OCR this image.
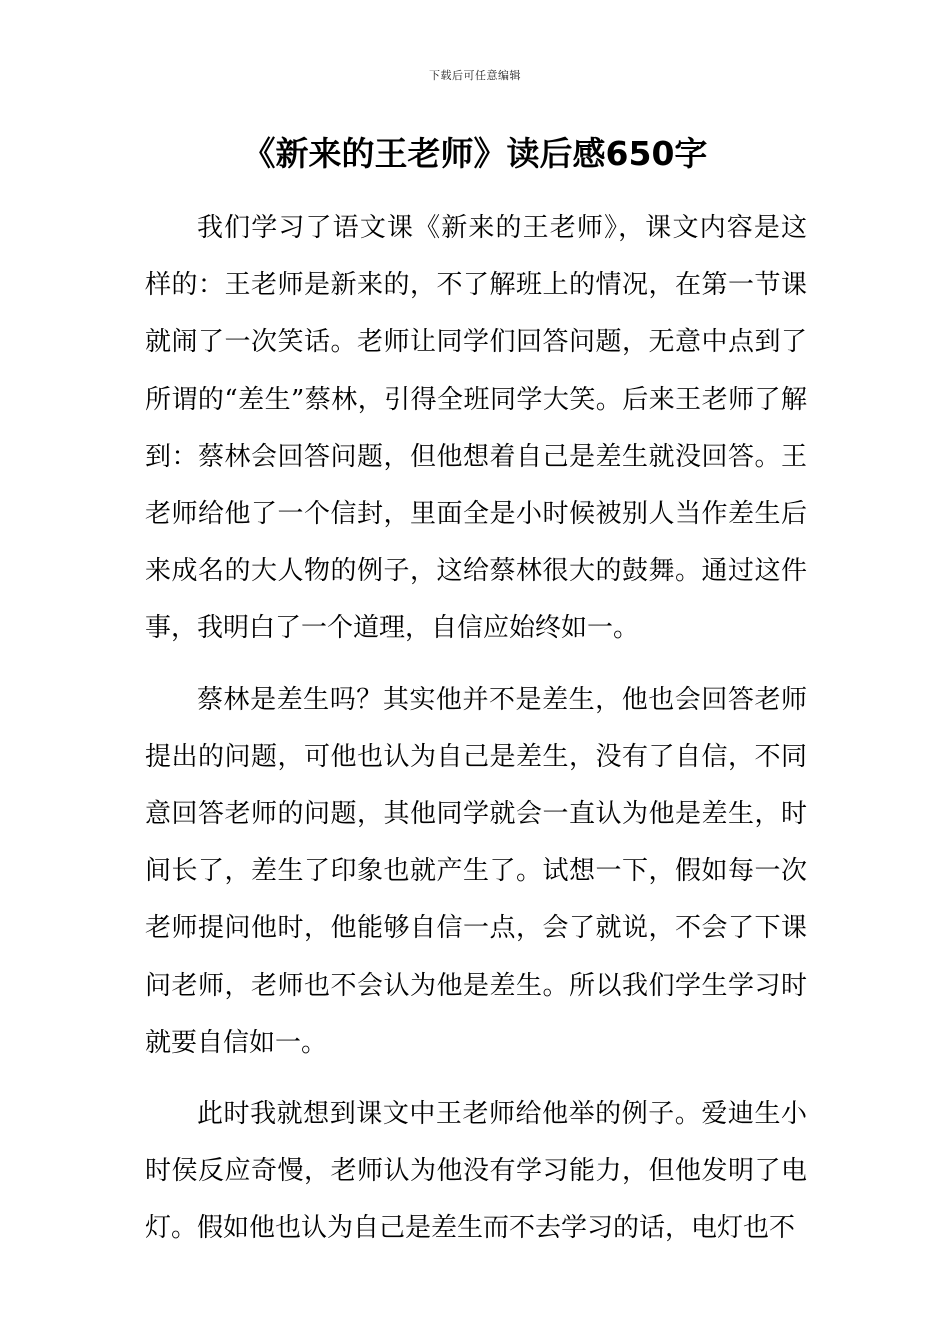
下载后可任意编辑
《新来的王老师》读后感650字

我们学习了语文课《新来的王老师》，课文内容是这样的：王老师是新来的，不了解班上的情况，在第一节课就闹了一次笑话。老师让同学们回答问题，无意中点到了所谓的“差生”蔡林，引得全班同学大笑。后来王老师了解到：蔡林会回答问题，但他想着自己是差生就没回答。王老师给他了一个信封，里面全是小时候被别人当作差生后来成名的大人物的例子，这给蔡林很大的鼓舞。通过这件事，我明白了一个道理，自信应始终如一。

蔡林是差生吗？其实他并不是差生，他也会回答老师提出的问题，可他也认为自己是差生，没有了自信，不同意回答老师的问题，其他同学就会一直认为他是差生，时间长了，差生了印象也就产生了。试想一下，假如每一次老师提问他时，他能够自信一点，会了就说，不会了下课问老师，老师也不会认为他是差生。所以我们学生学习时就要自信如一。

此时我就想到课文中王老师给他举的例子。爱迪生小时侯反应奇慢，老师认为他没有学习能力，但他发明了电灯。假如他也认为自己是差生而不去学习的话，电灯也不
